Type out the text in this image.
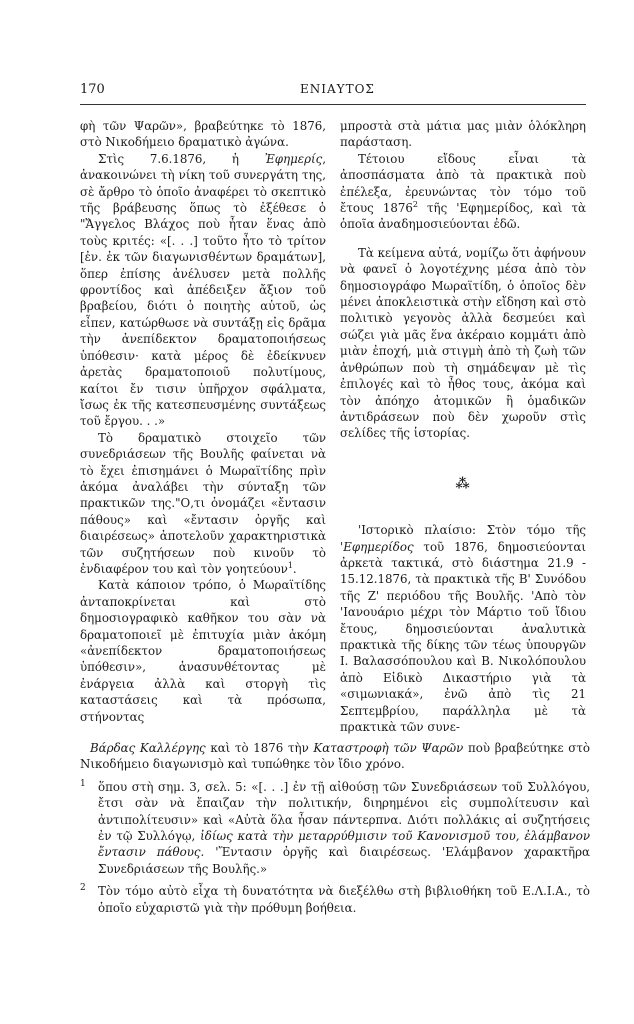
170	ΕΝΙΑΥΤΟΣ

φὴ τῶν Ψαρῶν», βραβεύτηκε τὸ 1876, στὸ Νικοδήμειο δραματικὸ ἀγώνα.

Στὶς 7.6.1876, ἡ Ἐφημερίς, ἀνακοινώνει τὴ νίκη τοῦ συνεργάτη της, σὲ ἄρθρο τὸ ὁποῖο ἀναφέρει τὸ σκεπτικὸ τῆς βράβευσης ὅπως τὸ ἐξέθεσε ὁ "Ἄγγελος Βλάχος ποὺ ἦταν ἕνας ἀπὸ τοὺς κριτές: «[. . .] τοῦτο ἦτο τὸ τρίτον [ἐν. ἐκ τῶν διαγωνισθέντων δραμάτων], ὅπερ ἐπίσης ἀνέλυσεν μετὰ πολλῆς φροντίδος καὶ ἀπέδειξεν ἄξιον τοῦ βραβείου, διότι ὁ ποιητὴς αὐτοῦ, ὡς εἶπεν, κατώρθωσε νὰ συντάξῃ εἰς δρᾶμα τὴν ἀνεπίδεκτον δραματοποιήσεως ὑπόθεσιν· κατὰ μέρος δὲ ἐδείκνυεν ἀρετὰς δραματοποιοῦ πολυτίμους, καίτοι ἔν τισιν ὑπῆρχον σφάλματα, ἴσως ἐκ τῆς κατεσπευσμένης συντάξεως τοῦ ἔργου. . .»

Τὸ δραματικὸ στοιχεῖο τῶν συνεδριάσεων τῆς Βουλῆς φαίνεται νὰ τὸ ἔχει ἐπισημάνει ὁ Μωραϊτίδης πρὶν ἀκόμα ἀναλάβει τὴν σύνταξη τῶν πρακτικῶν της."Ο,τι ὀνομάζει «ἔντασιν πάθους» καὶ «ἔντασιν ὀργῆς καὶ διαιρέσεως» ἀποτελοῦν χαρακτηριστικὰ τῶν συζητήσεων ποὺ κινοῦν τὸ ἐνδιαφέρον του καὶ τὸν γοητεύουν$^1$.

Κατὰ κάποιον τρόπο, ὁ Μωραϊτίδης ἀνταποκρίνεται καὶ στὸ δημοσιογραφικὸ καθῆκον του σὰν νὰ δραματοποιεῖ μὲ ἐπιτυχία μιὰν ἀκόμη «ἀνεπίδεκτον δραματοποιήσεως ὑπόθεσιν», ἀνασυνθέτοντας μὲ ἐνάργεια ἀλλὰ καὶ στοργὴ τὶς καταστάσεις καὶ τὰ πρόσωπα, στήνοντας

μπροστὰ στὰ μάτια μας μιὰν ὁλόκληρη παράσταση.

Τέτοιου εἴδους εἶναι τὰ ἀποσπάσματα ἀπὸ τὰ πρακτικὰ ποὺ ἐπέλεξα, ἐρευνώντας τὸν τόμο τοῦ ἔτους 1876$^2$ τῆς 'Εφημερίδος, καὶ τὰ ὁποῖα ἀναδημοσιεύονται ἐδῶ.

Τὰ κείμενα αὐτά, νομίζω ὅτι ἀφήνουν νὰ φανεῖ ὁ λογοτέχνης μέσα ἀπὸ τὸν δημοσιογράφο Μωραϊτίδη, ὁ ὁποῖος δὲν μένει ἀποκλειστικὰ στὴν εἴδηση καὶ στὸ πολιτικὸ γεγονὸς ἀλλὰ δεσμεύει καὶ σώζει γιὰ μᾶς ἕνα ἀκέραιο κομμάτι ἀπὸ μιὰν ἐποχή, μιὰ στιγμὴ ἀπὸ τὴ ζωὴ τῶν ἀνθρώπων ποὺ τὴ σημάδεψαν μὲ τὶς ἐπιλογές καὶ τὸ ἦθος τους, ἀκόμα καὶ τὸν ἀπόηχο ἀτομικῶν ἢ ὁμαδικῶν ἀντιδράσεων ποὺ δὲν χωροῦν στὶς σελίδες τῆς ἱστορίας.

⁂

'Ιστορικὸ πλαίσιο: Στὸν τόμο τῆς 'Εφημερίδος τοῦ 1876, δημοσιεύονται ἀρκετὰ τακτικά, στὸ διάστημα 21.9 - 15.12.1876, τὰ πρακτικὰ τῆς Β' Συνόδου τῆς Ζ' περιόδου τῆς Βουλῆς. 'Απὸ τὸν 'Ιανουάριο μέχρι τὸν Μάρτιο τοῦ ἴδιου ἔτους, δημοσιεύονται ἀναλυτικὰ πρακτικὰ τῆς δίκης τῶν τέως ὑπουργῶν Ι. Βαλασσόπουλου καὶ Β. Νικολόπουλου ἀπὸ Εἰδικὸ Δικαστήριο γιὰ τὰ «σιμωνιακά», ἐνῶ ἀπὸ τὶς 21 Σεπτεμβρίου, παράλληλα μὲ τὰ πρακτικὰ τῶν συνε-

Βάρδας Καλλέργης καὶ τὸ 1876 τὴν Καταστροφὴ τῶν Ψαρῶν ποὺ βραβεύτηκε στὸ Νικοδήμειο διαγωνισμὸ καὶ τυπώθηκε τὸν ἴδιο χρόνο.

1 ὅπου στὴ σημ. 3, σελ. 5: «[. . .] ἐν τῇ αἰθούσῃ τῶν Συνεδριάσεων τοῦ Συλλόγου, ἔτσι σὰν νὰ ἔπαιζαν τὴν πολιτικήν, διηρημένοι εἰς συμπολίτευσιν καὶ ἀντιπολίτευσιν» καὶ «Αὐτὰ ὅλα ἦσαν πάντερπνα. Διότι πολλάκις αἱ συζητήσεις ἐν τῷ Συλλόγῳ, ἰδίως κατὰ τὴν μεταρρύθμισιν τοῦ Κανονισμοῦ του, ἐλάμβανον ἔντασιν πάθους. 'Ἔντασιν ὀργῆς καὶ διαιρέσεως. 'Ελάμβανον χαρακτῆρα Συνεδριάσεων τῆς Βουλῆς.»

2 Τὸν τόμο αὐτὸ εἶχα τὴ δυνατότητα νὰ διεξέλθω στὴ βιβλιοθήκη τοῦ Ε.Λ.Ι.Α., τὸ ὁποῖο εὐχαριστῶ γιὰ τὴν πρόθυμη βοήθεια.
